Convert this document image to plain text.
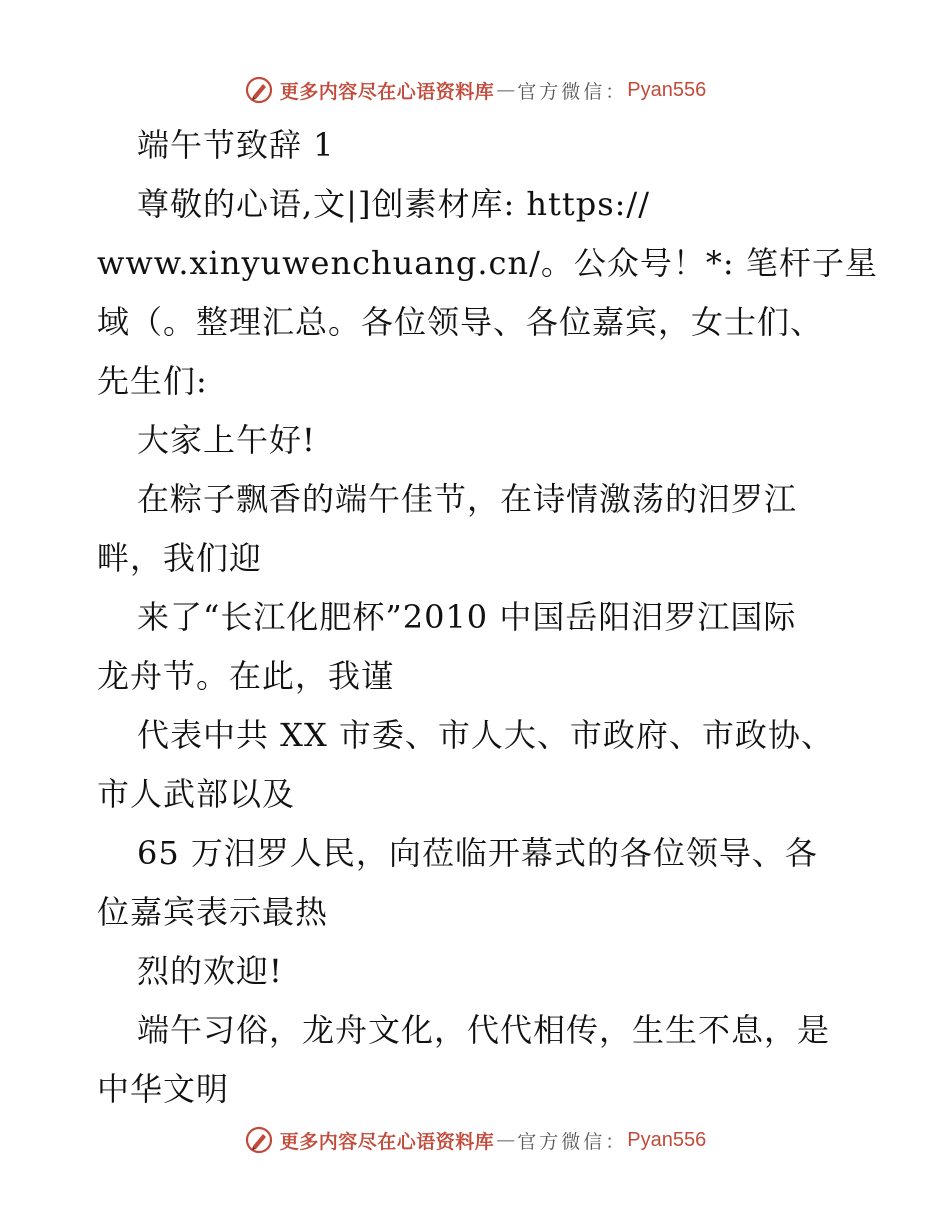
更多内容尽在心语资料库 — 官方微信： Pyan556
端午节致辞 1
尊敬的心语,文|]创素材库: https://
www.xinyuwenchuang.cn/。公众号！*: 笔杆子星
域（。整理汇总。各位领导、各位嘉宾，女士们、
先生们:
大家上午好!
在粽子飘香的端午佳节，在诗情激荡的汨罗江
畔，我们迎
来了“长江化肥杯”2010 中国岳阳汨罗江国际
龙舟节。在此，我谨
代表中共 XX 市委、市人大、市政府、市政协、
市人武部以及
65 万汨罗人民，向莅临开幕式的各位领导、各
位嘉宾表示最热
烈的欢迎!
端午习俗，龙舟文化，代代相传，生生不息，是
中华文明
更多内容尽在心语资料库 — 官方微信： Pyan556
